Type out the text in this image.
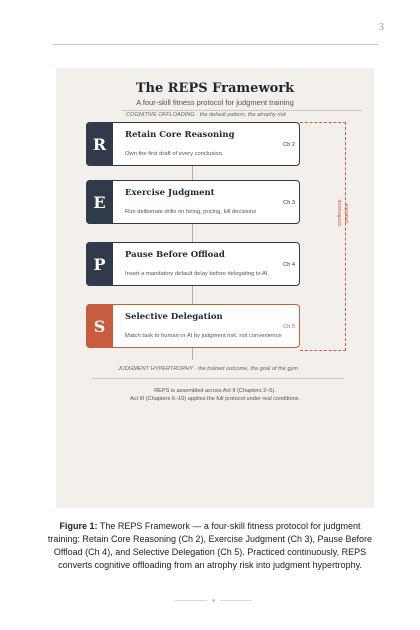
3
The REPS Framework
A four-skill fitness protocol for judgment training
COGNITIVE OFFLOADING · the default pattern, the atrophy risk
R	Retain Core Reasoning
Ch 2
Own the first draft of every conclusion
E	Exercise Judgment
Ch 3
Run deliberate drills on hiring, pricing, kill decisions
P	Pause Before Offload
Ch 4
Insert a mandatory default delay before delegating to AI
S	Selective Delegation
Ch 5
Match task to human or AI by judgment risk, not convenience
continuous practice
JUDGMENT HYPERTROPHY · the trained outcome, the goal of the gym
REPS is assembled across Act II (Chapters 2–5).
Act III (Chapters 6–10) applies the full protocol under real conditions.
Figure 1: The REPS Framework — a four-skill fitness protocol for judgment training: Retain Core Reasoning (Ch 2), Exercise Judgment (Ch 3), Pause Before Offload (Ch 4), and Selective Delegation (Ch 5). Practiced continuously, REPS converts cognitive offloading from an atrophy risk into judgment hypertrophy.
